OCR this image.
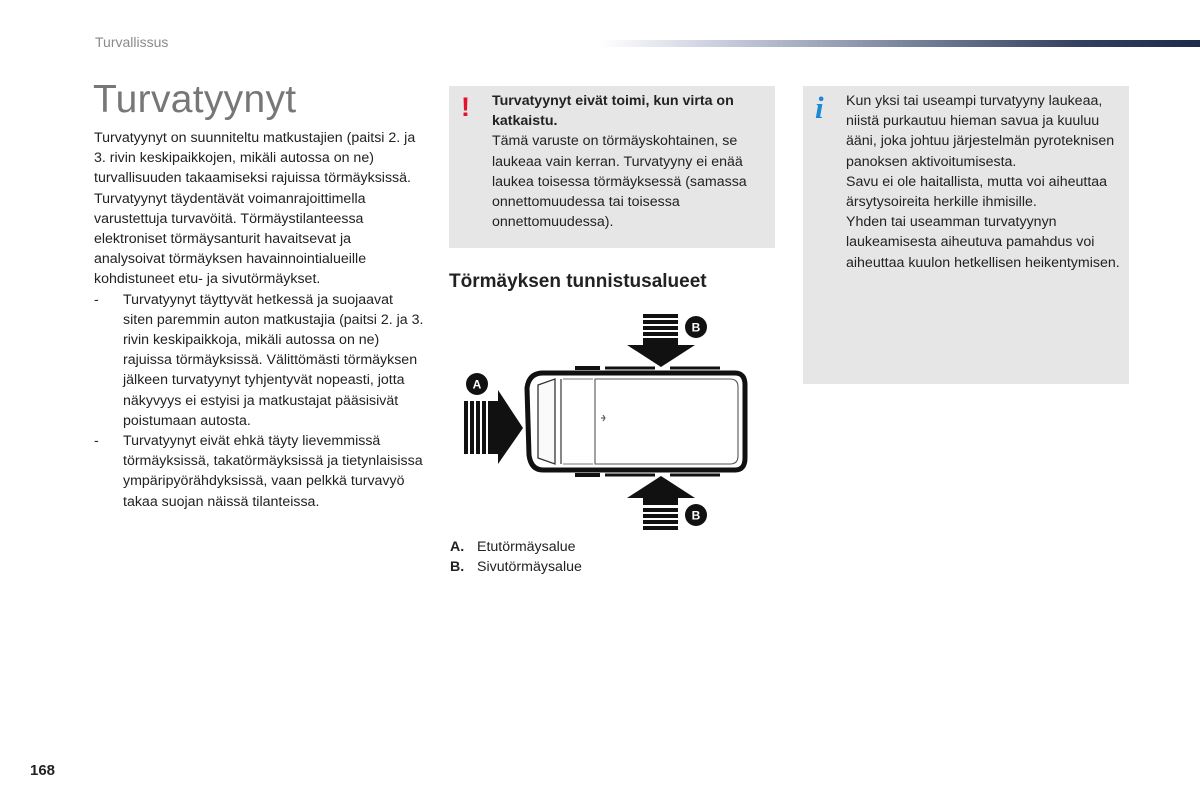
Turvallissus
Turvatyynyt

Turvatyynyt on suunniteltu matkustajien (paitsi 2. ja 3. rivin keskipaikkojen, mikäli autossa on ne) turvallisuuden takaamiseksi rajuissa törmäyksissä. Turvatyynyt täydentävät voimanrajoittimella varustettuja turvavöitä. Törmäystilanteessa elektroniset törmäysanturit havaitsevat ja analysoivat törmäyksen havainnointialueille kohdistuneet etu- ja sivutörmäykset.

-	Turvatyynyt täyttyvät hetkessä ja suojaavat siten paremmin auton matkustajia (paitsi 2. ja 3. rivin keskipaikkoja, mikäli autossa on ne) rajuissa törmäyksissä. Välittömästi törmäyksen jälkeen turvatyynyt tyhjentyvät nopeasti, jotta näkyvyys ei estyisi ja matkustajat pääsisivät poistumaan autosta.
-	Turvatyynyt eivät ehkä täyty lievemmissä törmäyksissä, takatörmäyksissä ja tietynlaisissa ympäripyörähdyksissä, vaan pelkkä turvavyö takaa suojan näissä tilanteissa.
! Turvatyynyt eivät toimi, kun virta on katkaistu.
Tämä varuste on törmäyskohtainen, se laukeaa vain kerran. Turvatyyny ei enää laukea toisessa törmäyksessä (samassa onnettomuudessa tai toisessa onnettomuudessa).
i Kun yksi tai useampi turvatyyny laukeaa, niistä purkautuu hieman savua ja kuuluu ääni, joka johtuu järjestelmän pyroteknisen panoksen aktivoitumisesta.
Savu ei ole haitallista, mutta voi aiheuttaa ärsytysoireita herkille ihmisille.
Yhden tai useamman turvatyynyn laukeamisesta aiheutuva pamahdus voi aiheuttaa kuulon hetkellisen heikentymisen.
Törmäyksen tunnistusalueet
A
B
B
A. Etutörmäysalue
B. Sivutörmäysalue
168
